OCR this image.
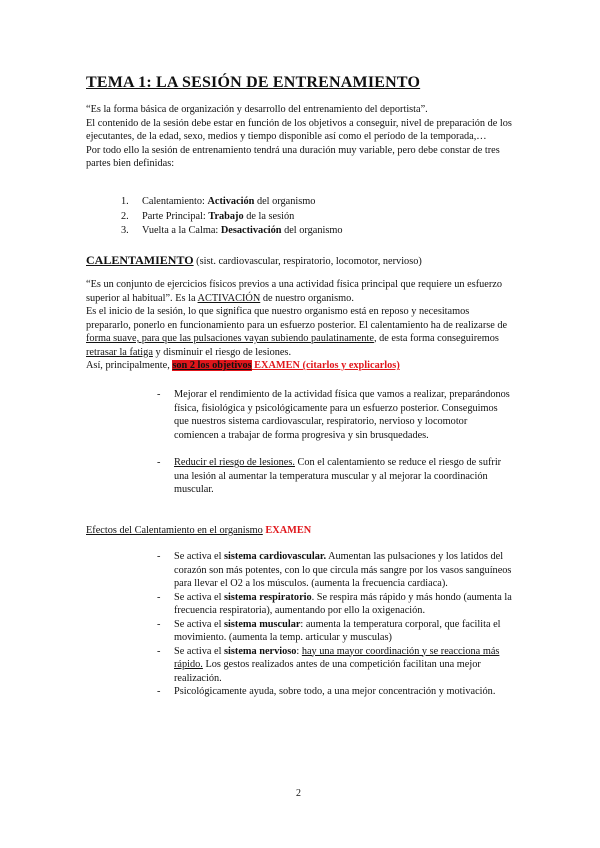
TEMA 1: LA SESIÓN DE ENTRENAMIENTO
“Es la forma básica de organización y desarrollo del entrenamiento del deportista”.
El contenido de la sesión debe estar en función de los objetivos a conseguir, nivel de preparación de los ejecutantes, de la edad, sexo, medios y tiempo disponible así como el período de la temporada,…
Por todo ello la sesión de entrenamiento tendrá una duración muy variable, pero debe constar de tres partes bien definidas:
1. Calentamiento: Activación del organismo
2. Parte Principal: Trabajo de la sesión
3. Vuelta a la Calma: Desactivación del organismo
CALENTAMIENTO (sist. cardiovascular, respiratorio, locomotor, nervioso)
“Es un conjunto de ejercicios físicos previos a una actividad física principal que requiere un esfuerzo superior al habitual”. Es la ACTIVACIÓN de nuestro organismo.
Es el inicio de la sesión, lo que significa que nuestro organismo está en reposo y necesitamos prepararlo, ponerlo en funcionamiento para un esfuerzo posterior. El calentamiento ha de realizarse de forma suave, para que las pulsaciones vayan subiendo paulatinamente, de esta forma conseguiremos retrasar la fatiga y disminuir el riesgo de lesiones.
Así, principalmente, son 2 los objetivos EXAMEN (citarlos y explicarlos)
- Mejorar el rendimiento de la actividad física que vamos a realizar, preparándonos física, fisiológica y psicológicamente para un esfuerzo posterior. Conseguimos que nuestros sistema cardiovascular, respiratorio, nervioso y locomotor comiencen a trabajar de forma progresiva y sin brusquedades.
- Reducir el riesgo de lesiones. Con el calentamiento se reduce el riesgo de sufrir una lesión al aumentar la temperatura muscular y al mejorar la coordinación muscular.
Efectos del Calentamiento en el organismo EXAMEN
- Se activa el sistema cardiovascular. Aumentan las pulsaciones y los latidos del corazón son más potentes, con lo que circula más sangre por los vasos sanguíneos para llevar el O2 a los músculos. (aumenta la frecuencia cardiaca).
- Se activa el sistema respiratorio. Se respira más rápido y más hondo (aumenta la frecuencia respiratoria), aumentando por ello la oxigenación.
- Se activa el sistema muscular: aumenta la temperatura corporal, que facilita el movimiento. (aumenta la temp. articular y musculas)
- Se activa el sistema nervioso: hay una mayor coordinación y se reacciona más rápido. Los gestos realizados antes de una competición facilitan una mejor realización.
- Psicológicamente ayuda, sobre todo, a una mejor concentración y motivación.
2
